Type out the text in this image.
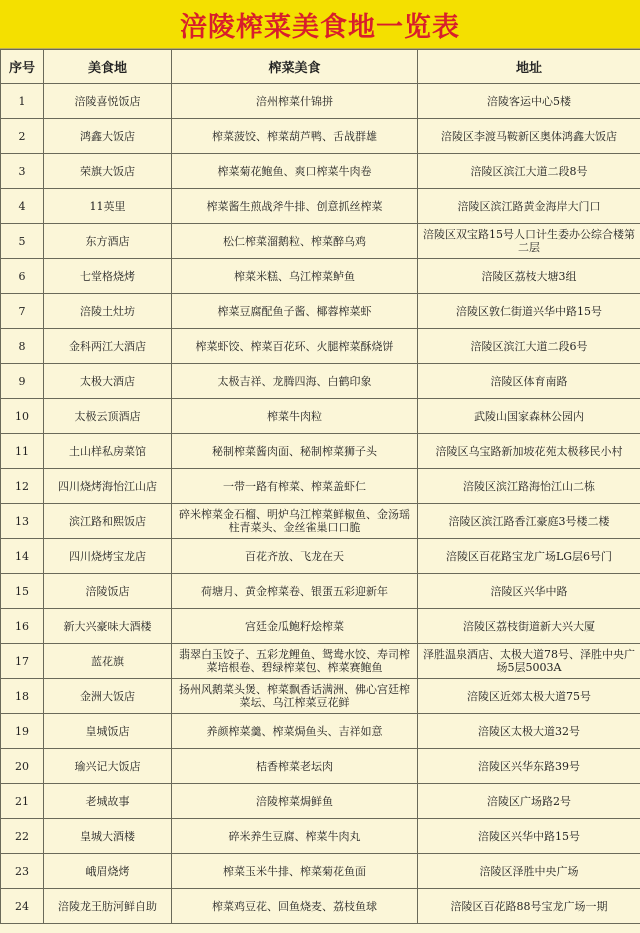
涪陵榨菜美食地一览表
序号	美食地	榨菜美食	地址
1	涪陵喜悦饭店	涪州榨菜什锦拼	涪陵客运中心5楼
2	鸿鑫大饭店	榨菜菠饺、榨菜葫芦鸭、舌战群雄	涪陵区李渡马鞍新区奥体鸿鑫大饭店
3	荣旗大饭店	榨菜菊花鲍鱼、爽口榨菜牛肉卷	涪陵区滨江大道二段8号
4	11英里	榨菜酱生煎战斧牛排、创意抓丝榨菜	涪陵区滨江路黄金海岸大门口
5	东方酒店	松仁榨菜溜鹅粒、榨菜醉乌鸡	涪陵区双宝路15号人口计生委办公综合楼第二层
6	七堂格烧烤	榨菜米糕、乌江榨菜鲈鱼	涪陵区荔枝大塘3组
7	涪陵土灶坊	榨菜豆腐配鱼子酱、椰蓉榨菜虾	涪陵区敦仁街道兴华中路15号
8	金科两江大酒店	榨菜虾饺、榨菜百花环、火腿榨菜酥烧饼	涪陵区滨江大道二段6号
9	太极大酒店	太极吉祥、龙腾四海、白鹤印象	涪陵区体育南路
10	太极云顶酒店	榨菜牛肉粒	武陵山国家森林公园内
11	土山样私房菜馆	秘制榨菜酱肉面、秘制榨菜狮子头	涪陵区乌宝路新加坡花苑太极移民小村
12	四川烧烤海怡江山店	一带一路有榨菜、榨菜盖虾仁	涪陵区滨江路海怡江山二栋
13	滨江路和熙饭店	碎米榨菜金石榴、明炉乌江榨菜鲜椒鱼、金汤瑶柱青菜头、金丝雀巢口口脆	涪陵区滨江路香江豪庭3号楼二楼
14	四川烧烤宝龙店	百花齐放、飞龙在天	涪陵区百花路宝龙广场LG层6号门
15	涪陵饭店	荷塘月、黄金榨菜卷、银蛋五彩迎新年	涪陵区兴华中路
16	新大兴豪味大酒楼	宫廷金瓜鲍籽烩榨菜	涪陵区荔枝街道新大兴大厦
17	蓝花旗	翡翠白玉饺子、五彩龙鲤鱼、鸳鸯水饺、寿司榨菜培根卷、碧绿榨菜包、榨菜赛鲍鱼	泽胜温泉酒店、太极大道78号、泽胜中央广场5层5003A
18	金洲大饭店	扬州风鹅菜头煲、榨菜飘香话满洲、佛心宫廷榨菜坛、乌江榨菜豆花鲜	涪陵区近郊太极大道75号
19	皇城饭店	养颜榨菜羹、榨菜焗鱼头、吉祥如意	涪陵区太极大道32号
20	瑜兴记大饭店	桔香榨菜老坛肉	涪陵区兴华东路39号
21	老城故事	涪陵榨菜焗鲜鱼	涪陵区广场路2号
22	皇城大酒楼	碎米养生豆腐、榨菜牛肉丸	涪陵区兴华中路15号
23	峨眉烧烤	榨菜玉米牛排、榨菜菊花鱼面	涪陵区泽胜中央广场
24	涪陵龙王肪河鲜自助	榨菜鸡豆花、回鱼烧麦、荔枝鱼球	涪陵区百花路88号宝龙广场一期
